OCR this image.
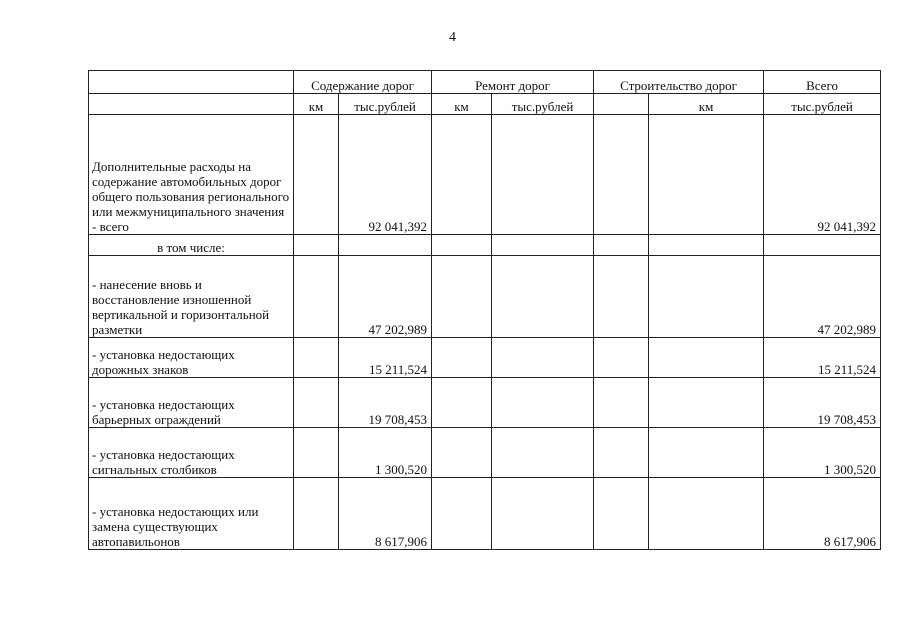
4
	Содержание дорог		Ремонт дорог		Строительство дорог		Всего
	км	тыс.рублей	км	тыс.рублей		км	тыс.рублей
Дополнительные расходы на содержание автомобильных дорог общего пользования регионального или межмуниципального значения - всего		92 041,392					92 041,392
в том числе:							
- нанесение вновь и восстановление изношенной вертикальной и горизонтальной разметки		47 202,989					47 202,989
- установка недостающих дорожных знаков		15 211,524					15 211,524
- установка недостающих барьерных ограждений		19 708,453					19 708,453
- установка недостающих сигнальных столбиков		1 300,520					1 300,520
- установка недостающих или замена существующих автопавильонов		8 617,906					8 617,906
